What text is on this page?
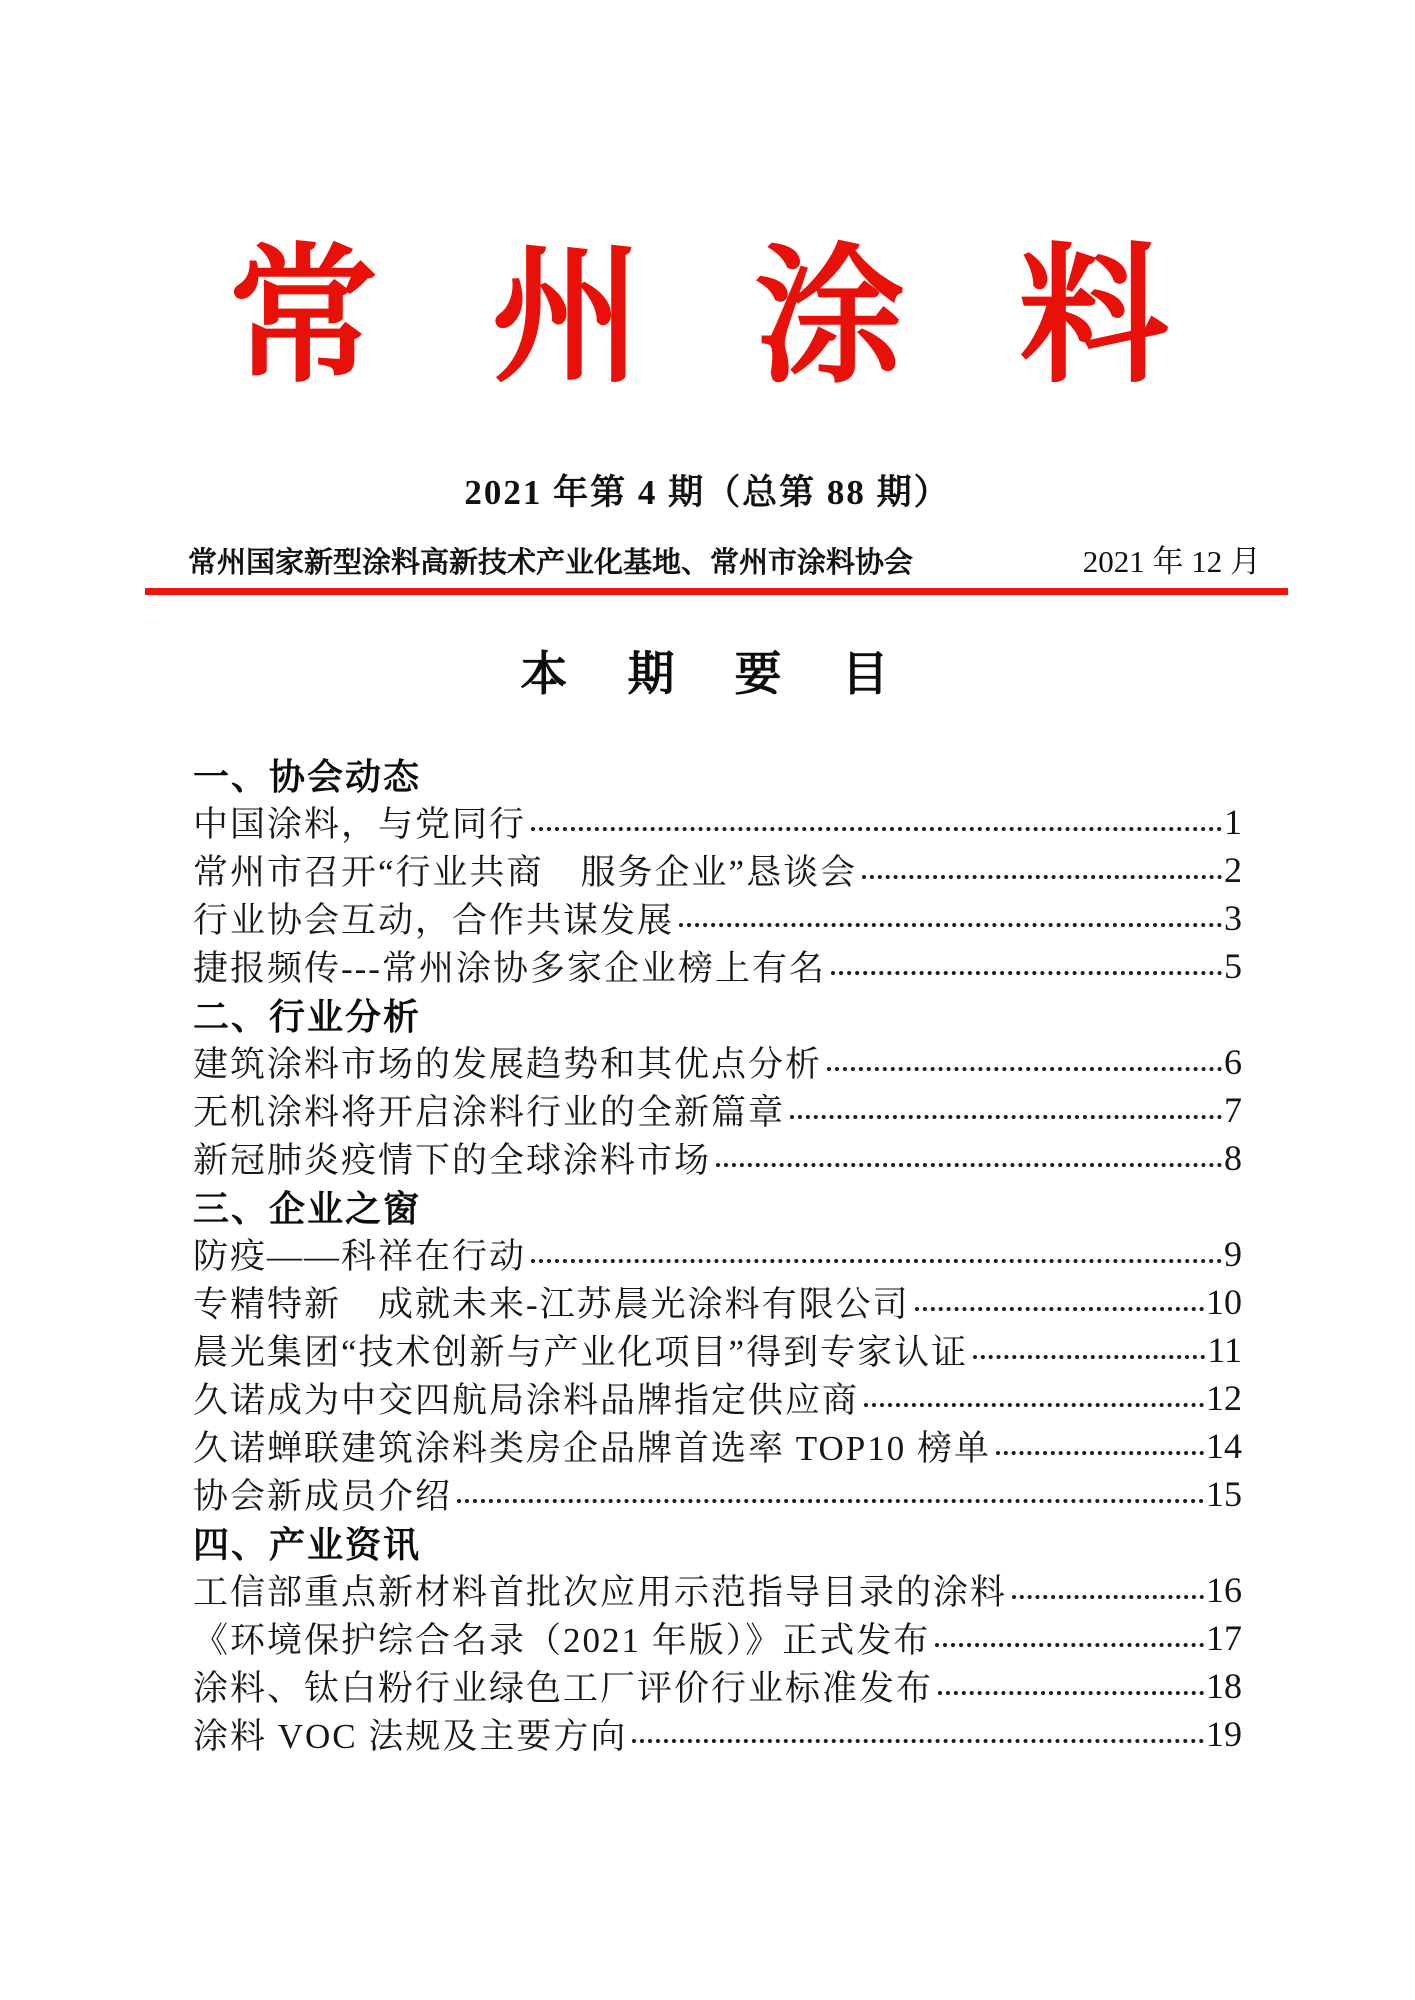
常 州 涂 料
2021 年第 4 期（总第 88 期）
常州国家新型涂料高新技术产业化基地、常州市涂料协会	2021 年 12 月
本 期 要 目
一、协会动态
中国涂料，与党同行	1
常州市召开“行业共商　服务企业”恳谈会	2
行业协会互动，合作共谋发展	3
捷报频传---常州涂协多家企业榜上有名	5
二、行业分析
建筑涂料市场的发展趋势和其优点分析	6
无机涂料将开启涂料行业的全新篇章	7
新冠肺炎疫情下的全球涂料市场	8
三、企业之窗
防疫——科祥在行动	9
专精特新　成就未来-江苏晨光涂料有限公司	10
晨光集团“技术创新与产业化项目”得到专家认证	11
久诺成为中交四航局涂料品牌指定供应商	12
久诺蝉联建筑涂料类房企品牌首选率 TOP10 榜单	14
协会新成员介绍	15
四、产业资讯
工信部重点新材料首批次应用示范指导目录的涂料	16
《环境保护综合名录（2021 年版）》正式发布	17
涂料、钛白粉行业绿色工厂评价行业标准发布	18
涂料 VOC 法规及主要方向	19
